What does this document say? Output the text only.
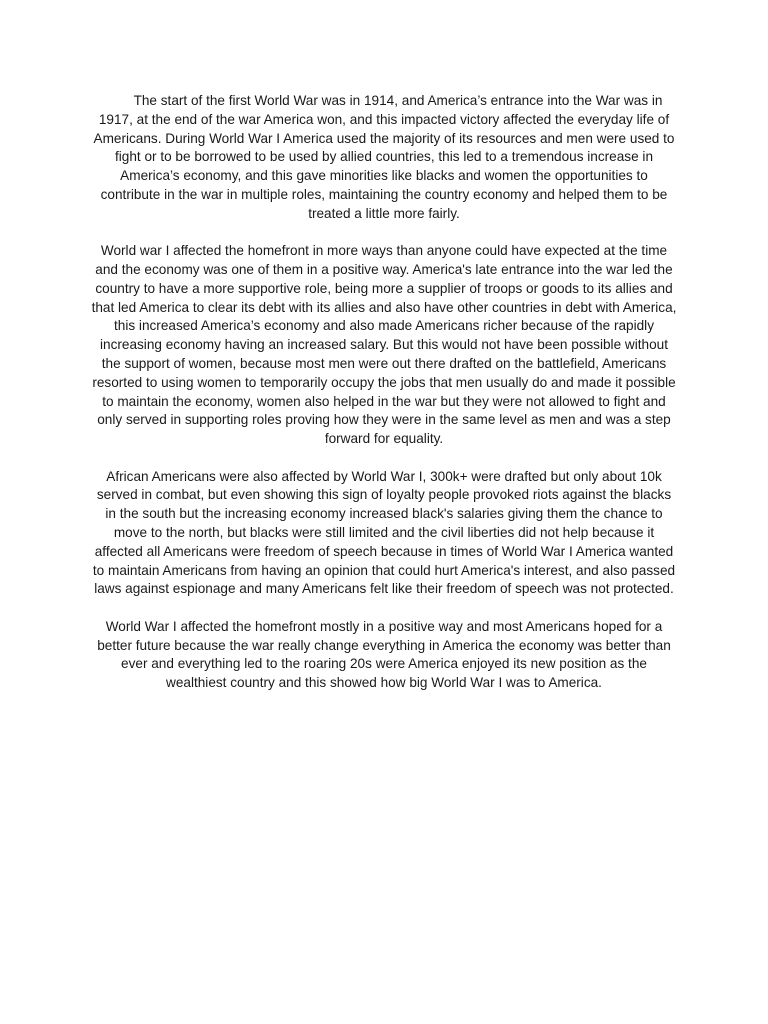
The start of the first World War was in 1914, and America’s entrance into the War was in 1917, at the end of the war America won, and this impacted victory affected the everyday life of Americans. During World War I America used the majority of its resources and men were used to fight or to be borrowed to be used by allied countries, this led to a tremendous increase in America’s economy, and this gave minorities like blacks and women the opportunities to contribute in the war in multiple roles, maintaining the country economy and helped them to be treated a little more fairly.

World war I affected the homefront in more ways than anyone could have expected at the time and the economy was one of them in a positive way. America's late entrance into the war led the country to have a more supportive role, being more a supplier of troops or goods to its allies and that led America to clear its debt with its allies and also have other countries in debt with America, this increased America’s economy and also made Americans richer because of the rapidly increasing economy having an increased salary. But this would not have been possible without the support of women, because most men were out there drafted on the battlefield, Americans resorted to using women to temporarily occupy the jobs that men usually do and made it possible to maintain the economy, women also helped in the war but they were not allowed to fight and only served in supporting roles proving how they were in the same level as men and was a step forward for equality.

African Americans were also affected by World War I, 300k+ were drafted but only about 10k served in combat, but even showing this sign of loyalty people provoked riots against the blacks in the south but the increasing economy increased black's salaries giving them the chance to move to the north, but blacks were still limited and the civil liberties did not help because it affected all Americans were freedom of speech because in times of World War I America wanted to maintain Americans from having an opinion that could hurt America's interest, and also passed laws against espionage and many Americans felt like their freedom of speech was not protected.

World War I affected the homefront mostly in a positive way and most Americans hoped for a better future because the war really change everything in America the economy was better than ever and everything led to the roaring 20s were America enjoyed its new position as the wealthiest country and this showed how big World War I was to America.
